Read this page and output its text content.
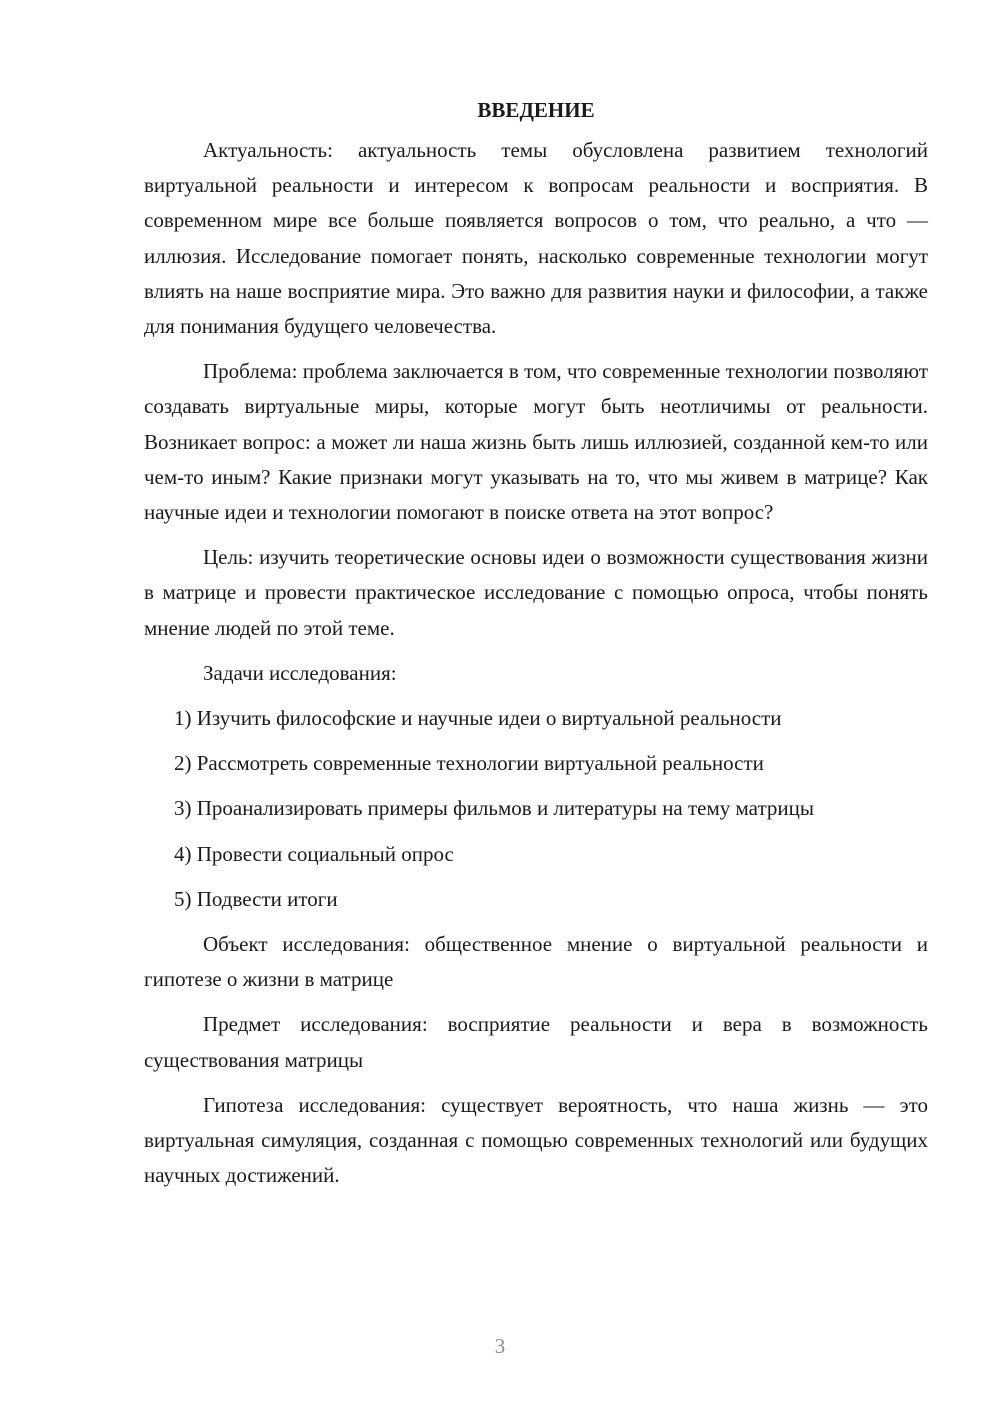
ВВЕДЕНИЕ

Актуальность: актуальность темы обусловлена развитием технологий виртуальной реальности и интересом к вопросам реальности и восприятия. В современном мире все больше появляется вопросов о том, что реально, а что — иллюзия. Исследование помогает понять, насколько современные технологии могут влиять на наше восприятие мира. Это важно для развития науки и философии, а также для понимания будущего человечества.

Проблема: проблема заключается в том, что современные технологии позволяют создавать виртуальные миры, которые могут быть неотличимы от реальности. Возникает вопрос: а может ли наша жизнь быть лишь иллюзией, созданной кем-то или чем-то иным? Какие признаки могут указывать на то, что мы живем в матрице? Как научные идеи и технологии помогают в поиске ответа на этот вопрос?

Цель: изучить теоретические основы идеи о возможности существования жизни в матрице и провести практическое исследование с помощью опроса, чтобы понять мнение людей по этой теме.

Задачи исследования:

1) Изучить философские и научные идеи о виртуальной реальности

2) Рассмотреть современные технологии виртуальной реальности

3) Проанализировать примеры фильмов и литературы на тему матрицы

4) Провести социальный опрос

5) Подвести итоги

Объект исследования: общественное мнение о виртуальной реальности и гипотезе о жизни в матрице

Предмет исследования: восприятие реальности и вера в возможность существования матрицы

Гипотеза исследования: существует вероятность, что наша жизнь — это виртуальная симуляция, созданная с помощью современных технологий или будущих научных достижений.

3
